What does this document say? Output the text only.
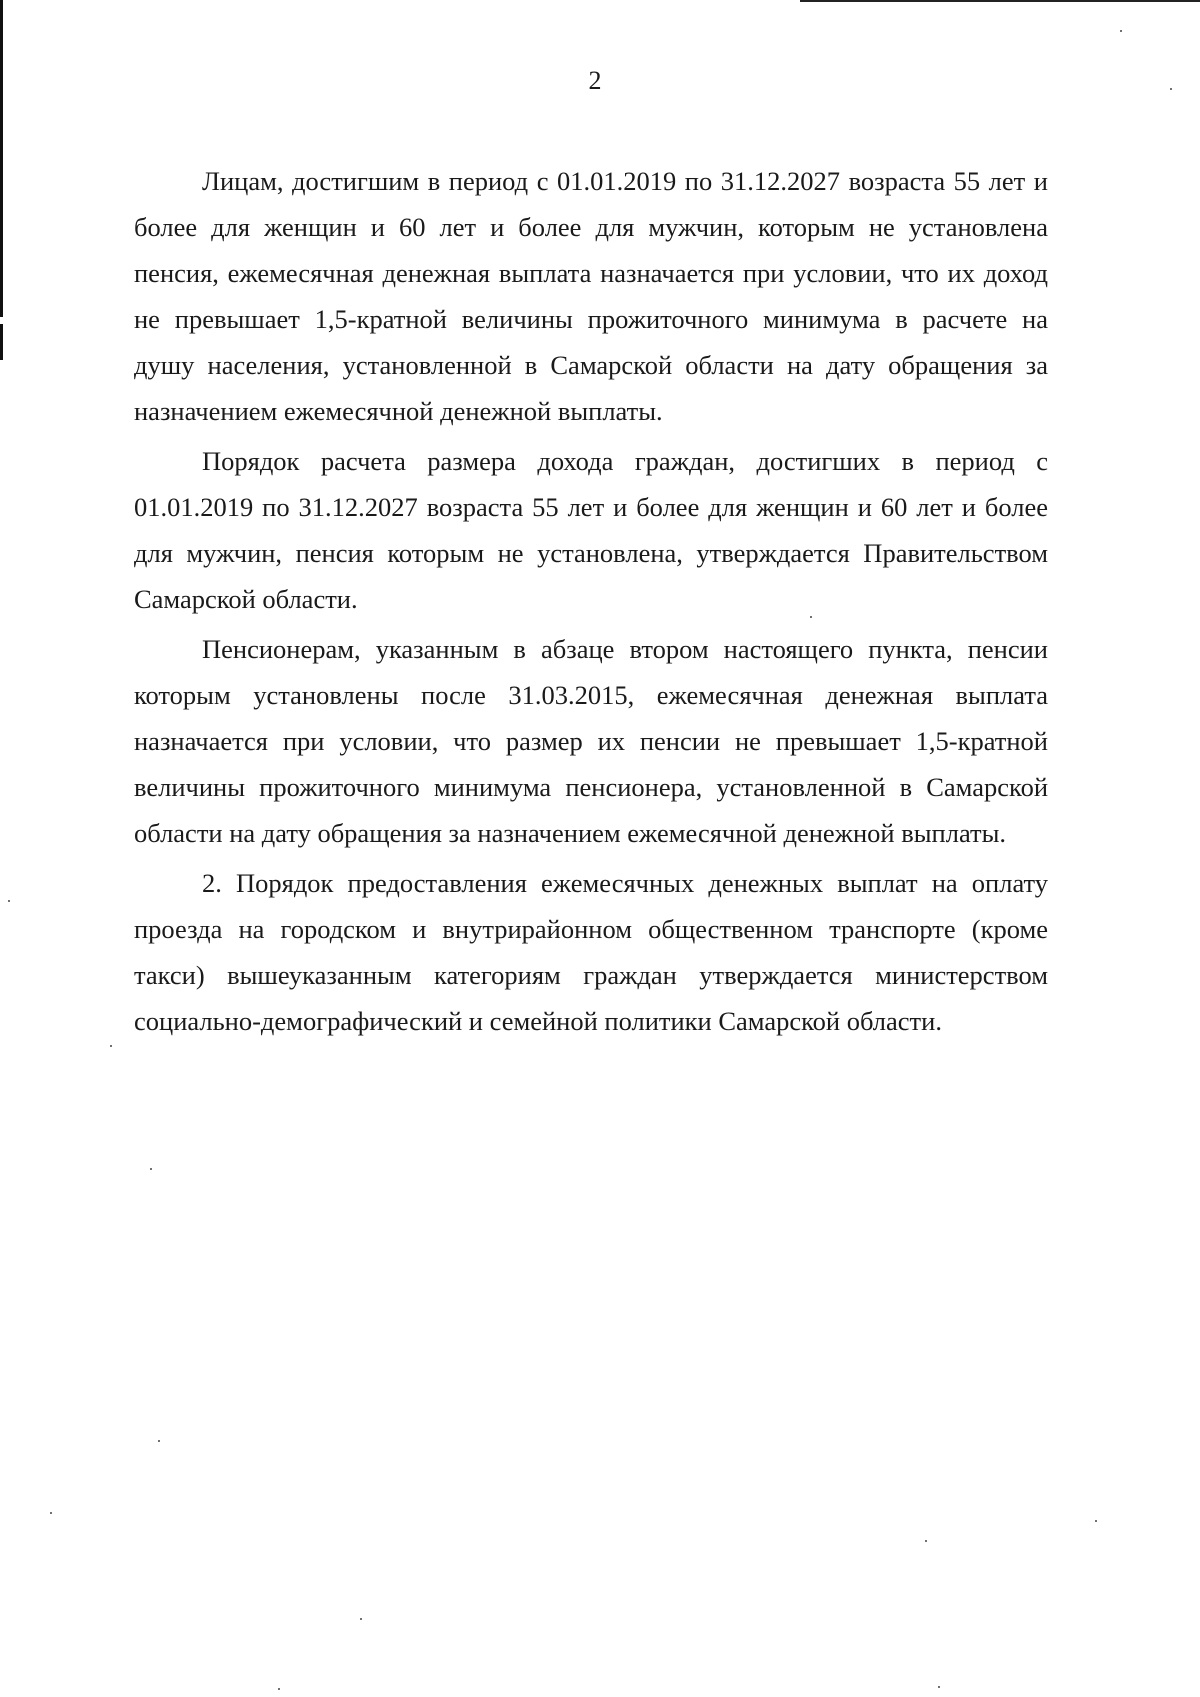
2

Лицам, достигшим в период с 01.01.2019 по 31.12.2027 возраста 55 лет и более для женщин и 60 лет и более для мужчин, которым не установлена пенсия, ежемесячная денежная выплата назначается при условии, что их доход не превышает 1,5-кратной величины прожиточного минимума в расчете на душу населения, установленной в Самарской области на дату обращения за назначением ежемесячной денежной выплаты.

Порядок расчета размера дохода граждан, достигших в период с 01.01.2019 по 31.12.2027 возраста 55 лет и более для женщин и 60 лет и более для мужчин, пенсия которым не установлена, утверждается Правительством Самарской области.

Пенсионерам, указанным в абзаце втором настоящего пункта, пенсии которым установлены после 31.03.2015, ежемесячная денежная выплата назначается при условии, что размер их пенсии не превышает 1,5-кратной величины прожиточного минимума пенсионера, установленной в Самарской области на дату обращения за назначением ежемесячной денежной выплаты.

2. Порядок предоставления ежемесячных денежных выплат на оплату проезда на городском и внутрирайонном общественном транспорте (кроме такси) вышеуказанным категориям граждан утверждается министерством социально-демографический и семейной политики Самарской области.
